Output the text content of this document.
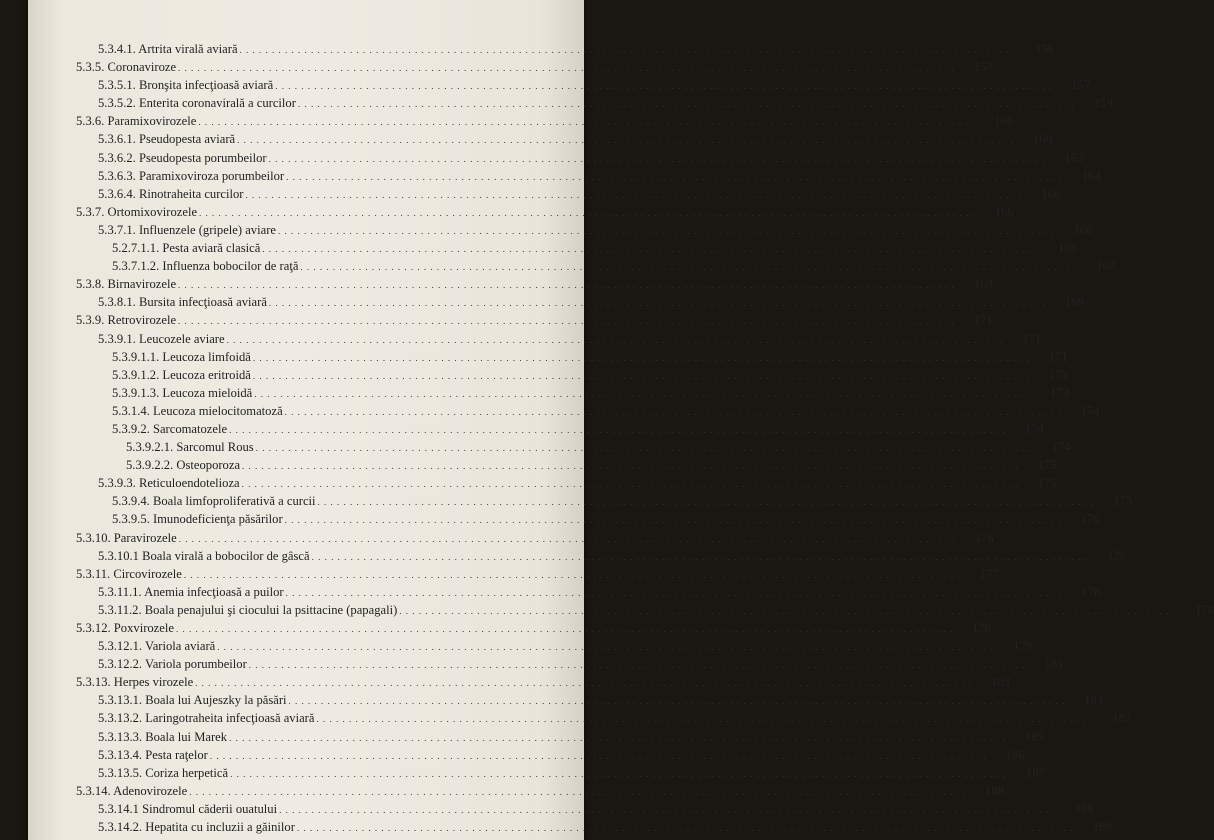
5.3.4.1. Artrita virală aviară . . . . . . . . . . . . . . . . . . . . . . . . . . . . . . . . . . . . . . . . . . . . . . . . . . . . . . . . . . . . . . . . . . . . . . . . . . . . . . . . . . . . . . . . . . . . . . . . . . . . . . . . . . . . . . . . . . . . . . . .	156
5.3.5. Coronaviroze . . . . . . . . . . . . . . . . . . . . . . . . . . . . . . . . . . . . . . . . . . . . . . . . . . . . . . . . . . . . . . . . . . . . . . . . . . . . . . . . . . . . . . . . . . . . . . . . . . . . . . . . . . . . . . . . . . . . . . . .	157
5.3.5.1. Bronşita infecţioasă aviară . . . . . . . . . . . . . . . . . . . . . . . . . . . . . . . . . . . . . . . . . . . . . . . . . . . . . . . . . . . . . . . . . . . . . . . . . . . . . . . . . . . . . . . . . . . . . . . . . . . . . . . . . . . . . . . . . . . . . . . .	157
5.3.5.2. Enterita coronavirală a curcilor . . . . . . . . . . . . . . . . . . . . . . . . . . . . . . . . . . . . . . . . . . . . . . . . . . . . . . . . . . . . . . . . . . . . . . . . . . . . . . . . . . . . . . . . . . . . . . . . . . . . . . . . . . . . . . . . . . . . . . . .	159
5.3.6. Paramixovirozele . . . . . . . . . . . . . . . . . . . . . . . . . . . . . . . . . . . . . . . . . . . . . . . . . . . . . . . . . . . . . . . . . . . . . . . . . . . . . . . . . . . . . . . . . . . . . . . . . . . . . . . . . . . . . . . . . . . . . . . .	160
5.3.6.1. Pseudopesta aviară . . . . . . . . . . . . . . . . . . . . . . . . . . . . . . . . . . . . . . . . . . . . . . . . . . . . . . . . . . . . . . . . . . . . . . . . . . . . . . . . . . . . . . . . . . . . . . . . . . . . . . . . . . . . . . . . . . . . . . . .	160
5.3.6.2. Pseudopesta porumbeilor . . . . . . . . . . . . . . . . . . . . . . . . . . . . . . . . . . . . . . . . . . . . . . . . . . . . . . . . . . . . . . . . . . . . . . . . . . . . . . . . . . . . . . . . . . . . . . . . . . . . . . . . . . . . . . . . . . . . . . . .	163
5.3.6.3. Paramixoviroza porumbeilor . . . . . . . . . . . . . . . . . . . . . . . . . . . . . . . . . . . . . . . . . . . . . . . . . . . . . . . . . . . . . . . . . . . . . . . . . . . . . . . . . . . . . . . . . . . . . . . . . . . . . . . . . . . . . . . . . . . . . . . .	164
5.3.6.4. Rinotraheita curcilor . . . . . . . . . . . . . . . . . . . . . . . . . . . . . . . . . . . . . . . . . . . . . . . . . . . . . . . . . . . . . . . . . . . . . . . . . . . . . . . . . . . . . . . . . . . . . . . . . . . . . . . . . . . . . . . . . . . . . . . .	166
5.3.7. Ortomixovirozele . . . . . . . . . . . . . . . . . . . . . . . . . . . . . . . . . . . . . . . . . . . . . . . . . . . . . . . . . . . . . . . . . . . . . . . . . . . . . . . . . . . . . . . . . . . . . . . . . . . . . . . . . . . . . . . . . . . . . . . .	166
5.3.7.1. Influenzele (gripele) aviare . . . . . . . . . . . . . . . . . . . . . . . . . . . . . . . . . . . . . . . . . . . . . . . . . . . . . . . . . . . . . . . . . . . . . . . . . . . . . . . . . . . . . . . . . . . . . . . . . . . . . . . . . . . . . . . . . . . . . . . .	166
5.2.7.1.1. Pesta aviară clasică . . . . . . . . . . . . . . . . . . . . . . . . . . . . . . . . . . . . . . . . . . . . . . . . . . . . . . . . . . . . . . . . . . . . . . . . . . . . . . . . . . . . . . . . . . . . . . . . . . . . . . . . . . . . . . . . . . . . . . . .	166
5.3.7.1.2. Influenza bobocilor de raţă . . . . . . . . . . . . . . . . . . . . . . . . . . . . . . . . . . . . . . . . . . . . . . . . . . . . . . . . . . . . . . . . . . . . . . . . . . . . . . . . . . . . . . . . . . . . . . . . . . . . . . . . . . . . . . . . . . . . . . . .	168
5.3.8. Birnavirozele . . . . . . . . . . . . . . . . . . . . . . . . . . . . . . . . . . . . . . . . . . . . . . . . . . . . . . . . . . . . . . . . . . . . . . . . . . . . . . . . . . . . . . . . . . . . . . . . . . . . . . . . . . . . . . . . . . . . . . . .	169
5.3.8.1. Bursita infecţioasă aviară . . . . . . . . . . . . . . . . . . . . . . . . . . . . . . . . . . . . . . . . . . . . . . . . . . . . . . . . . . . . . . . . . . . . . . . . . . . . . . . . . . . . . . . . . . . . . . . . . . . . . . . . . . . . . . . . . . . . . . . .	169
5.3.9. Retrovirozele . . . . . . . . . . . . . . . . . . . . . . . . . . . . . . . . . . . . . . . . . . . . . . . . . . . . . . . . . . . . . . . . . . . . . . . . . . . . . . . . . . . . . . . . . . . . . . . . . . . . . . . . . . . . . . . . . . . . . . . .	171
5.3.9.1. Leucozele aviare . . . . . . . . . . . . . . . . . . . . . . . . . . . . . . . . . . . . . . . . . . . . . . . . . . . . . . . . . . . . . . . . . . . . . . . . . . . . . . . . . . . . . . . . . . . . . . . . . . . . . . . . . . . . . . . . . . . . . . . .	171
5.3.9.1.1. Leucoza limfoidă . . . . . . . . . . . . . . . . . . . . . . . . . . . . . . . . . . . . . . . . . . . . . . . . . . . . . . . . . . . . . . . . . . . . . . . . . . . . . . . . . . . . . . . . . . . . . . . . . . . . . . . . . . . . . . . . . . . . . . . .	171
5.3.9.1.2. Leucoza eritroidă . . . . . . . . . . . . . . . . . . . . . . . . . . . . . . . . . . . . . . . . . . . . . . . . . . . . . . . . . . . . . . . . . . . . . . . . . . . . . . . . . . . . . . . . . . . . . . . . . . . . . . . . . . . . . . . . . . . . . . . .	173
5.3.9.1.3. Leucoza mieloidă . . . . . . . . . . . . . . . . . . . . . . . . . . . . . . . . . . . . . . . . . . . . . . . . . . . . . . . . . . . . . . . . . . . . . . . . . . . . . . . . . . . . . . . . . . . . . . . . . . . . . . . . . . . . . . . . . . . . . . . .	173
5.3.1.4. Leucoza mielocitomatoză . . . . . . . . . . . . . . . . . . . . . . . . . . . . . . . . . . . . . . . . . . . . . . . . . . . . . . . . . . . . . . . . . . . . . . . . . . . . . . . . . . . . . . . . . . . . . . . . . . . . . . . . . . . . . . . . . . . . . . . .	174
5.3.9.2. Sarcomatozele . . . . . . . . . . . . . . . . . . . . . . . . . . . . . . . . . . . . . . . . . . . . . . . . . . . . . . . . . . . . . . . . . . . . . . . . . . . . . . . . . . . . . . . . . . . . . . . . . . . . . . . . . . . . . . . . . . . . . . . .	174
5.3.9.2.1. Sarcomul Rous . . . . . . . . . . . . . . . . . . . . . . . . . . . . . . . . . . . . . . . . . . . . . . . . . . . . . . . . . . . . . . . . . . . . . . . . . . . . . . . . . . . . . . . . . . . . . . . . . . . . . . . . . . . . . . . . . . . . . . . .	174
5.3.9.2.2. Osteoporoza . . . . . . . . . . . . . . . . . . . . . . . . . . . . . . . . . . . . . . . . . . . . . . . . . . . . . . . . . . . . . . . . . . . . . . . . . . . . . . . . . . . . . . . . . . . . . . . . . . . . . . . . . . . . . . . . . . . . . . . .	175
5.3.9.3. Reticuloendotelioza . . . . . . . . . . . . . . . . . . . . . . . . . . . . . . . . . . . . . . . . . . . . . . . . . . . . . . . . . . . . . . . . . . . . . . . . . . . . . . . . . . . . . . . . . . . . . . . . . . . . . . . . . . . . . . . . . . . . . . . .	175
5.3.9.4. Boala limfoproliferativă a curcii . . . . . . . . . . . . . . . . . . . . . . . . . . . . . . . . . . . . . . . . . . . . . . . . . . . . . . . . . . . . . . . . . . . . . . . . . . . . . . . . . . . . . . . . . . . . . . . . . . . . . . . . . . . . . . . . . . . . . . . .	175
5.3.9.5. Imunodeficienţa păsărilor . . . . . . . . . . . . . . . . . . . . . . . . . . . . . . . . . . . . . . . . . . . . . . . . . . . . . . . . . . . . . . . . . . . . . . . . . . . . . . . . . . . . . . . . . . . . . . . . . . . . . . . . . . . . . . . . . . . . . . . .	176
5.3.10. Paravirozele . . . . . . . . . . . . . . . . . . . . . . . . . . . . . . . . . . . . . . . . . . . . . . . . . . . . . . . . . . . . . . . . . . . . . . . . . . . . . . . . . . . . . . . . . . . . . . . . . . . . . . . . . . . . . . . . . . . . . . . .	176
5.3.10.1 Boala virală a bobocilor de gâscă . . . . . . . . . . . . . . . . . . . . . . . . . . . . . . . . . . . . . . . . . . . . . . . . . . . . . . . . . . . . . . . . . . . . . . . . . . . . . . . . . . . . . . . . . . . . . . . . . . . . . . . . . . . . . . . . . . . . . . . .	176
5.3.11. Circovirozele . . . . . . . . . . . . . . . . . . . . . . . . . . . . . . . . . . . . . . . . . . . . . . . . . . . . . . . . . . . . . . . . . . . . . . . . . . . . . . . . . . . . . . . . . . . . . . . . . . . . . . . . . . . . . . . . . . . . . . . .	177
5.3.11.1. Anemia infecţioasă a puilor . . . . . . . . . . . . . . . . . . . . . . . . . . . . . . . . . . . . . . . . . . . . . . . . . . . . . . . . . . . . . . . . . . . . . . . . . . . . . . . . . . . . . . . . . . . . . . . . . . . . . . . . . . . . . . . . . . . . . . . .	178
5.3.11.2. Boala penajului şi ciocului la psittacine (papagali) . . . . . . . . . . . . . . . . . . . . . . . . . . . . . . . . . . . . . . . . . . . . . . . . . . . . . . . . . . . . . . . . . . . . . . . . . . . . . . . . . . . . . . . . . . . . . . . . . . . . . . . . . . . . . . . . . . . . . . . .	178
5.3.12. Poxvirozele . . . . . . . . . . . . . . . . . . . . . . . . . . . . . . . . . . . . . . . . . . . . . . . . . . . . . . . . . . . . . . . . . . . . . . . . . . . . . . . . . . . . . . . . . . . . . . . . . . . . . . . . . . . . . . . . . . . . . . . .	178
5.3.12.1. Variola aviară . . . . . . . . . . . . . . . . . . . . . . . . . . . . . . . . . . . . . . . . . . . . . . . . . . . . . . . . . . . . . . . . . . . . . . . . . . . . . . . . . . . . . . . . . . . . . . . . . . . . . . . . . . . . . . . . . . . . . . . .	178
5.3.12.2. Variola porumbeilor . . . . . . . . . . . . . . . . . . . . . . . . . . . . . . . . . . . . . . . . . . . . . . . . . . . . . . . . . . . . . . . . . . . . . . . . . . . . . . . . . . . . . . . . . . . . . . . . . . . . . . . . . . . . . . . . . . . . . . . .	181
5.3.13. Herpes virozele . . . . . . . . . . . . . . . . . . . . . . . . . . . . . . . . . . . . . . . . . . . . . . . . . . . . . . . . . . . . . . . . . . . . . . . . . . . . . . . . . . . . . . . . . . . . . . . . . . . . . . . . . . . . . . . . . . . . . . . .	183
5.3.13.1. Boala lui Aujeszky la păsări . . . . . . . . . . . . . . . . . . . . . . . . . . . . . . . . . . . . . . . . . . . . . . . . . . . . . . . . . . . . . . . . . . . . . . . . . . . . . . . . . . . . . . . . . . . . . . . . . . . . . . . . . . . . . . . . . . . . . . . .	183
5.3.13.2. Laringotraheita infecţioasă aviară . . . . . . . . . . . . . . . . . . . . . . . . . . . . . . . . . . . . . . . . . . . . . . . . . . . . . . . . . . . . . . . . . . . . . . . . . . . . . . . . . . . . . . . . . . . . . . . . . . . . . . . . . . . . . . . . . . . . . . . .	183
5.3.13.3. Boala lui Marek . . . . . . . . . . . . . . . . . . . . . . . . . . . . . . . . . . . . . . . . . . . . . . . . . . . . . . . . . . . . . . . . . . . . . . . . . . . . . . . . . . . . . . . . . . . . . . . . . . . . . . . . . . . . . . . . . . . . . . . .	185
5.3.13.4. Pesta raţelor . . . . . . . . . . . . . . . . . . . . . . . . . . . . . . . . . . . . . . . . . . . . . . . . . . . . . . . . . . . . . . . . . . . . . . . . . . . . . . . . . . . . . . . . . . . . . . . . . . . . . . . . . . . . . . . . . . . . . . . .	186
5.3.13.5. Coriza herpetică . . . . . . . . . . . . . . . . . . . . . . . . . . . . . . . . . . . . . . . . . . . . . . . . . . . . . . . . . . . . . . . . . . . . . . . . . . . . . . . . . . . . . . . . . . . . . . . . . . . . . . . . . . . . . . . . . . . . . . . .	187
5.3.14. Adenovirozele . . . . . . . . . . . . . . . . . . . . . . . . . . . . . . . . . . . . . . . . . . . . . . . . . . . . . . . . . . . . . . . . . . . . . . . . . . . . . . . . . . . . . . . . . . . . . . . . . . . . . . . . . . . . . . . . . . . . . . . .	188
5.3.14.1 Sindromul căderii ouatului . . . . . . . . . . . . . . . . . . . . . . . . . . . . . . . . . . . . . . . . . . . . . . . . . . . . . . . . . . . . . . . . . . . . . . . . . . . . . . . . . . . . . . . . . . . . . . . . . . . . . . . . . . . . . . . . . . . . . . . .	188
5.3.14.2. Hepatita cu incluzii a găinilor . . . . . . . . . . . . . . . . . . . . . . . . . . . . . . . . . . . . . . . . . . . . . . . . . . . . . . . . . . . . . . . . . . . . . . . . . . . . . . . . . . . . . . . . . . . . . . . . . . . . . . . . . . . . . . . . . . . . . . . .	189
